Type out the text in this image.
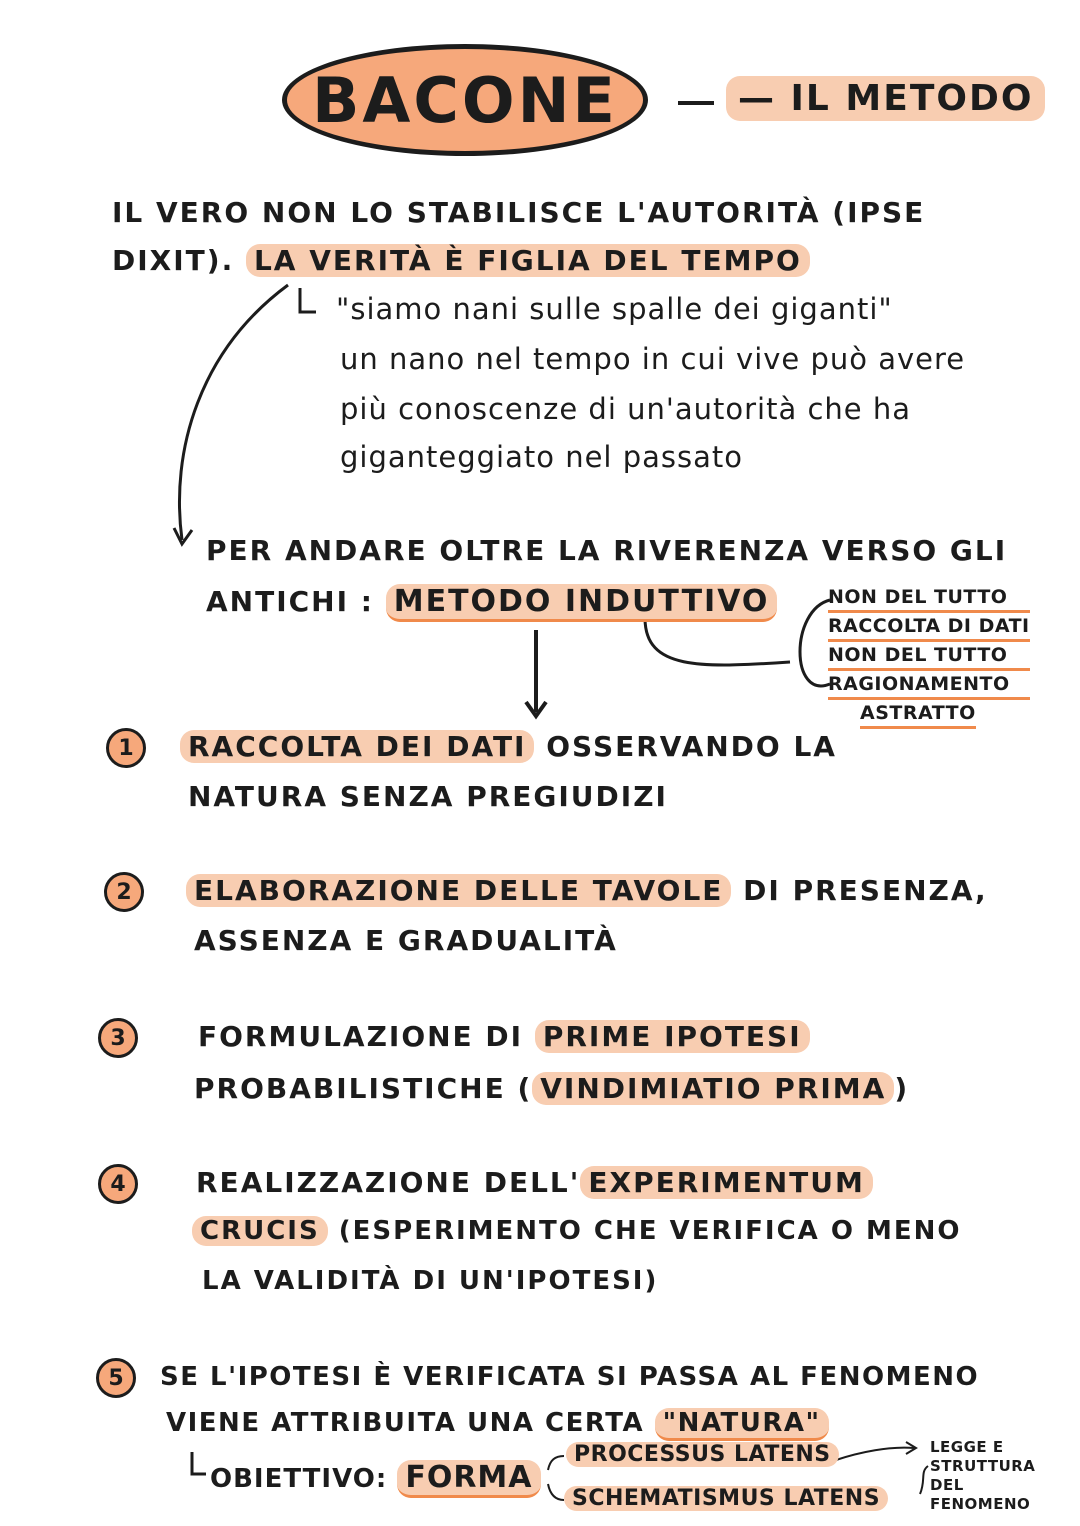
BACONE	— IL METODO
IL VERO NON LO STABILISCE L'AUTORITÀ (IPSE
DIXIT). LA VERITÀ È FIGLIA DEL TEMPO
"siamo nani sulle spalle dei giganti"
un nano nel tempo in cui vive può avere
più conoscenze di un'autorità che ha
giganteggiato nel passato
PER ANDARE OLTRE LA RIVERENZA VERSO GLI
ANTICHI : METODO INDUTTIVO	NON DEL TUTTO
RACCOLTA DI DATI
NON DEL TUTTO
RAGIONAMENTO
ASTRATTO
1	RACCOLTA DEI DATI OSSERVANDO LA
NATURA SENZA PREGIUDIZI
2	ELABORAZIONE DELLE TAVOLE DI PRESENZA,
ASSENZA E GRADUALITÀ
3	FORMULAZIONE DI PRIME IPOTESI
PROBABILISTICHE ( VINDIMIATIO PRIMA )
4	REALIZZAZIONE DELL' EXPERIMENTUM
CRUCIS (ESPERIMENTO CHE VERIFICA O MENO
LA VALIDITÀ DI UN'IPOTESI)
5	SE L'IPOTESI È VERIFICATA SI PASSA AL FENOMENO
VIENE ATTRIBUITA UNA CERTA "NATURA"
OBIETTIVO: FORMA
PROCESSUS LATENS
SCHEMATISMUS LATENS
LEGGE E
STRUTTURA
DEL
FENOMENO
